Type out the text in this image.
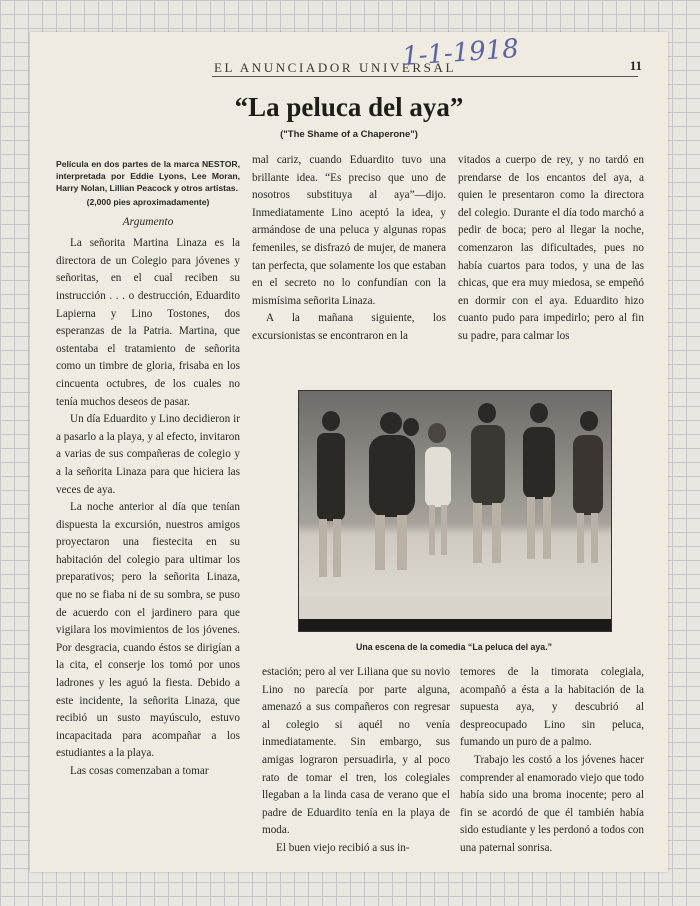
EL ANUNCIADOR UNIVERSAL
1-1-1918	11
“La peluca del aya”
("The Shame of a Chaperone")

Película en dos partes de la marca NESTOR, interpretada por Eddie Lyons, Lee Moran, Harry Nolan, Lillian Peacock y otros artistas.

(2,000 pies aproximadamente)
Argumento

La señorita Martina Linaza es la directora de un Colegio para jóvenes y señoritas, en el cual reciben su instrucción . . . o destrucción, Eduardito Lapierna y Lino Tostones, dos esperanzas de la Patria. Martina, que ostentaba el tratamiento de señorita como un timbre de gloria, frisaba en los cincuenta octubres, de los cuales no tenía muchos deseos de pasar.

Un día Eduardito y Lino decidieron ir a pasarlo a la playa, y al efecto, invitaron a varias de sus compañeras de colegio y a la señorita Linaza para que hiciera las veces de aya.

La noche anterior al día que tenían dispuesta la excursión, nuestros amigos proyectaron una fiestecita en su habitación del colegio para ultimar los preparativos; pero la señorita Linaza, que no se fiaba ni de su sombra, se puso de acuerdo con el jardinero para que vigilara los movimientos de los jóvenes. Por desgracia, cuando éstos se dirigían a la cita, el conserje los tomó por unos ladrones y les aguó la fiesta. Debido a este incidente, la señorita Linaza, que recibió un susto mayúsculo, estuvo incapacitada para acompañar a los estudiantes a la playa.

Las cosas comenzaban a tomar

mal cariz, cuando Eduardito tuvo una brillante idea. “Es preciso que uno de nosotros substituya al aya”—dijo. Inmediatamente Lino aceptó la idea, y armándose de una peluca y algunas ropas femeniles, se disfrazó de mujer, de manera tan perfecta, que solamente los que estaban en el secreto no lo confundían con la mismísima señorita Linaza.

A la mañana siguiente, los excursionistas se encontraron en la

vitados a cuerpo de rey, y no tardó en prendarse de los encantos del aya, a quien le presentaron como la directora del colegio. Durante el día todo marchó a pedir de boca; pero al llegar la noche, comenzaron las dificultades, pues no había cuartos para todos, y una de las chicas, que era muy miedosa, se empeñó en dormir con el aya. Eduardito hizo cuanto pudo para impedirlo; pero al fin su padre, para calmar los

Una escena de la comedia “La peluca del aya.”

estación; pero al ver Liliana que su novio Lino no parecía por parte alguna, amenazó a sus compañeros con regresar al colegio si aquél no venía inmediatamente. Sin embargo, sus amigas lograron persuadirla, y al poco rato de tomar el tren, los colegiales llegaban a la linda casa de verano que el padre de Eduardito tenía en la playa de moda.

El buen viejo recibió a sus in-

temores de la timorata colegiala, acompañó a ésta a la habitación de la supuesta aya, y descubrió al despreocupado Lino sin peluca, fumando un puro de a palmo.

Trabajo les costó a los jóvenes hacer comprender al enamorado viejo que todo había sido una broma inocente; pero al fin se acordó de que él también había sido estudiante y les perdonó a todos con una paternal sonrisa.
